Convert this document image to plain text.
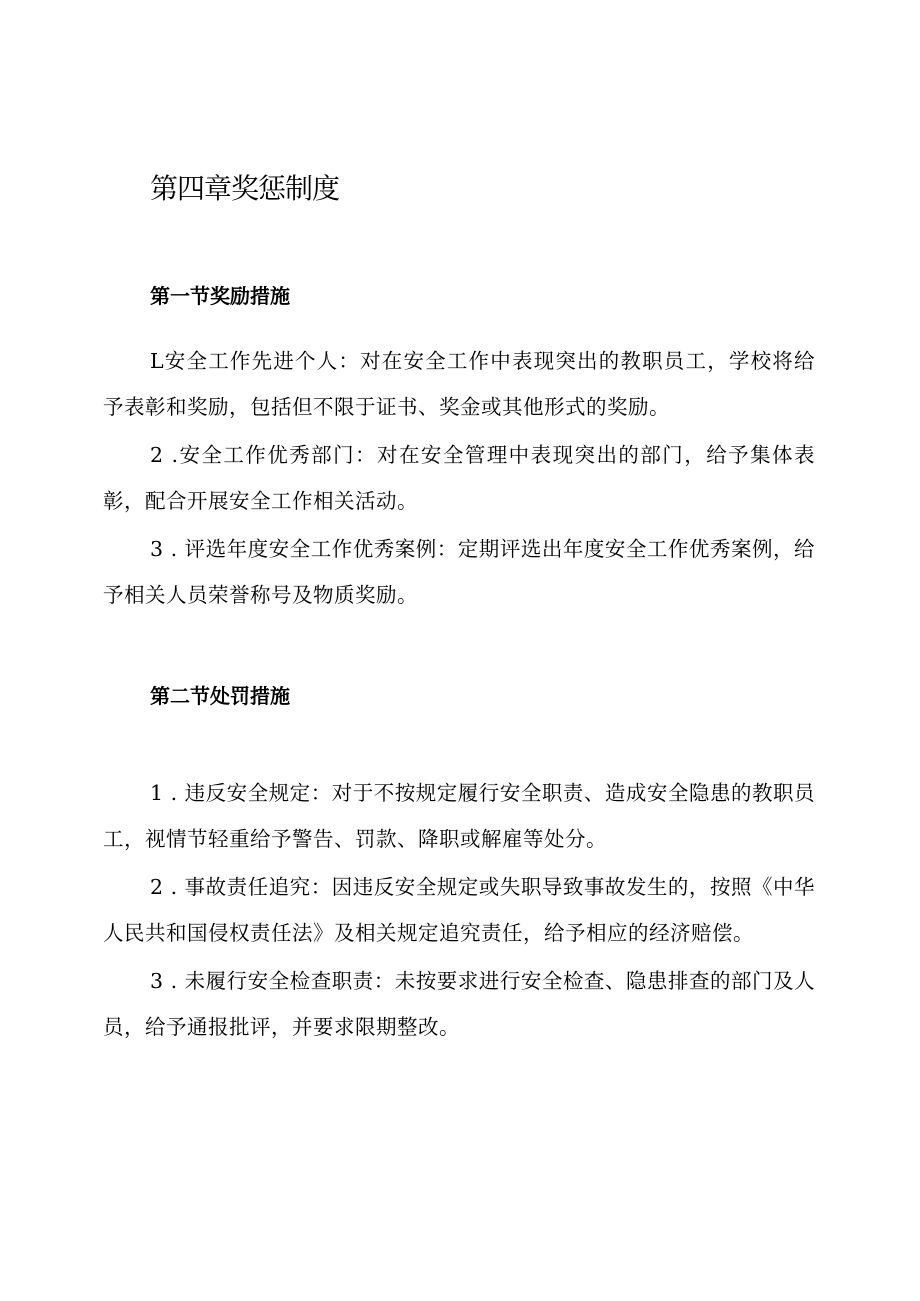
第四章奖惩制度
第一节奖励措施

L安全工作先进个人：对在安全工作中表现突出的教职员工，学校将给予表彰和奖励，包括但不限于证书、奖金或其他形式的奖励。

2 .安全工作优秀部门：对在安全管理中表现突出的部门，给予集体表彰，配合开展安全工作相关活动。

3 . 评选年度安全工作优秀案例：定期评选出年度安全工作优秀案例，给予相关人员荣誉称号及物质奖励。

第二节处罚措施

1 . 违反安全规定：对于不按规定履行安全职责、造成安全隐患的教职员工，视情节轻重给予警告、罚款、降职或解雇等处分。

2 . 事故责任追究：因违反安全规定或失职导致事故发生的，按照《中华人民共和国侵权责任法》及相关规定追究责任，给予相应的经济赔偿。

3 . 未履行安全检查职责：未按要求进行安全检查、隐患排查的部门及人员，给予通报批评，并要求限期整改。
